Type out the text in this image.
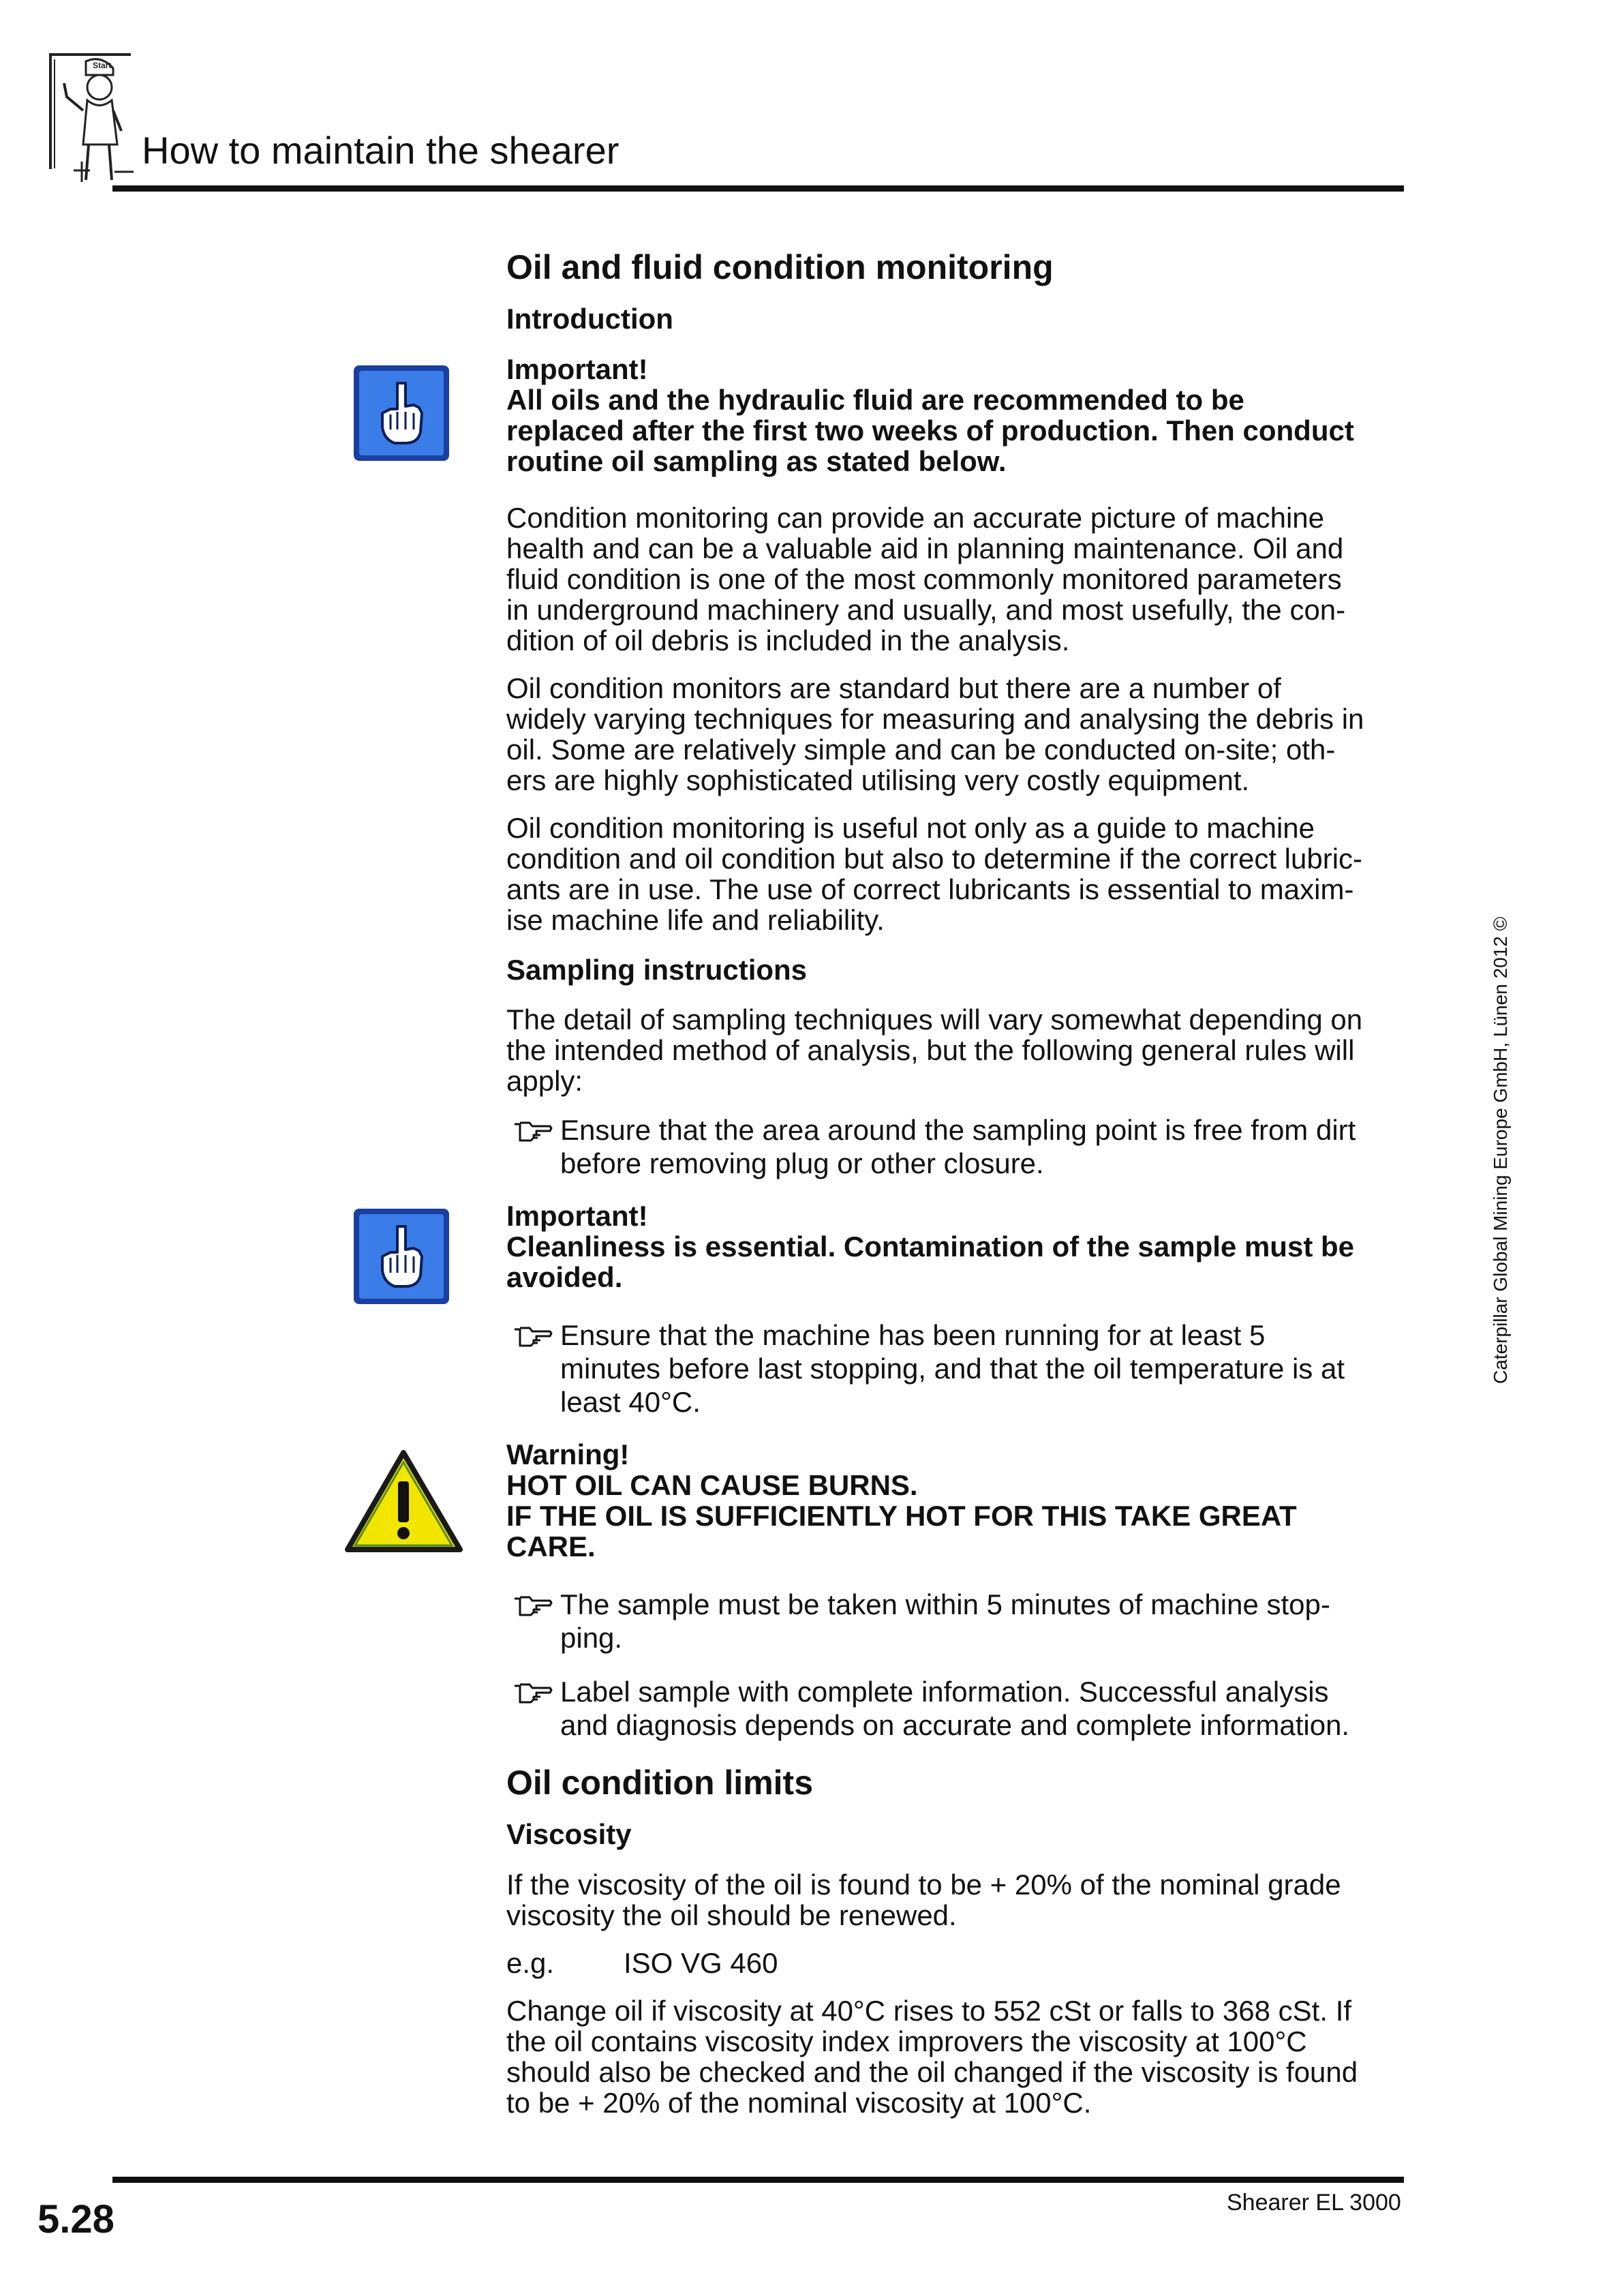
Start
How to maintain the shearer
Oil and fluid condition monitoring
Introduction
Important!
All oils and the hydraulic fluid are recommended to be
replaced after the first two weeks of production. Then conduct
routine oil sampling as stated below.
Condition monitoring can provide an accurate picture of machine
health and can be a valuable aid in planning maintenance. Oil and
fluid condition is one of the most commonly monitored parameters
in underground machinery and usually, and most usefully, the con-
dition of oil debris is included in the analysis.
Oil condition monitors are standard but there are a number of
widely varying techniques for measuring and analysing the debris in
oil. Some are relatively simple and can be conducted on-site; oth-
ers are highly sophisticated utilising very costly equipment.
Oil condition monitoring is useful not only as a guide to machine
condition and oil condition but also to determine if the correct lubric-
ants are in use. The use of correct lubricants is essential to maxim-
ise machine life and reliability.
Sampling instructions
The detail of sampling techniques will vary somewhat depending on
the intended method of analysis, but the following general rules will
apply:
Ensure that the area around the sampling point is free from dirt
before removing plug or other closure.
Important!
Cleanliness is essential. Contamination of the sample must be
avoided.
Ensure that the machine has been running for at least 5
minutes before last stopping, and that the oil temperature is at
least 40°C.
Warning!
HOT OIL CAN CAUSE BURNS.
IF THE OIL IS SUFFICIENTLY HOT FOR THIS TAKE GREAT
CARE.
The sample must be taken within 5 minutes of machine stop-
ping.
Label sample with complete information. Successful analysis
and diagnosis depends on accurate and complete information.
Oil condition limits
Viscosity
If the viscosity of the oil is found to be + 20% of the nominal grade
viscosity the oil should be renewed.
e.g. ISO VG 460
Change oil if viscosity at 40°C rises to 552 cSt or falls to 368 cSt. If
the oil contains viscosity index improvers the viscosity at 100°C
should also be checked and the oil changed if the viscosity is found
to be + 20% of the nominal viscosity at 100°C.
Caterpillar Global Mining Europe GmbH, Lünen 2012 ©
5.28	Shearer EL 3000
